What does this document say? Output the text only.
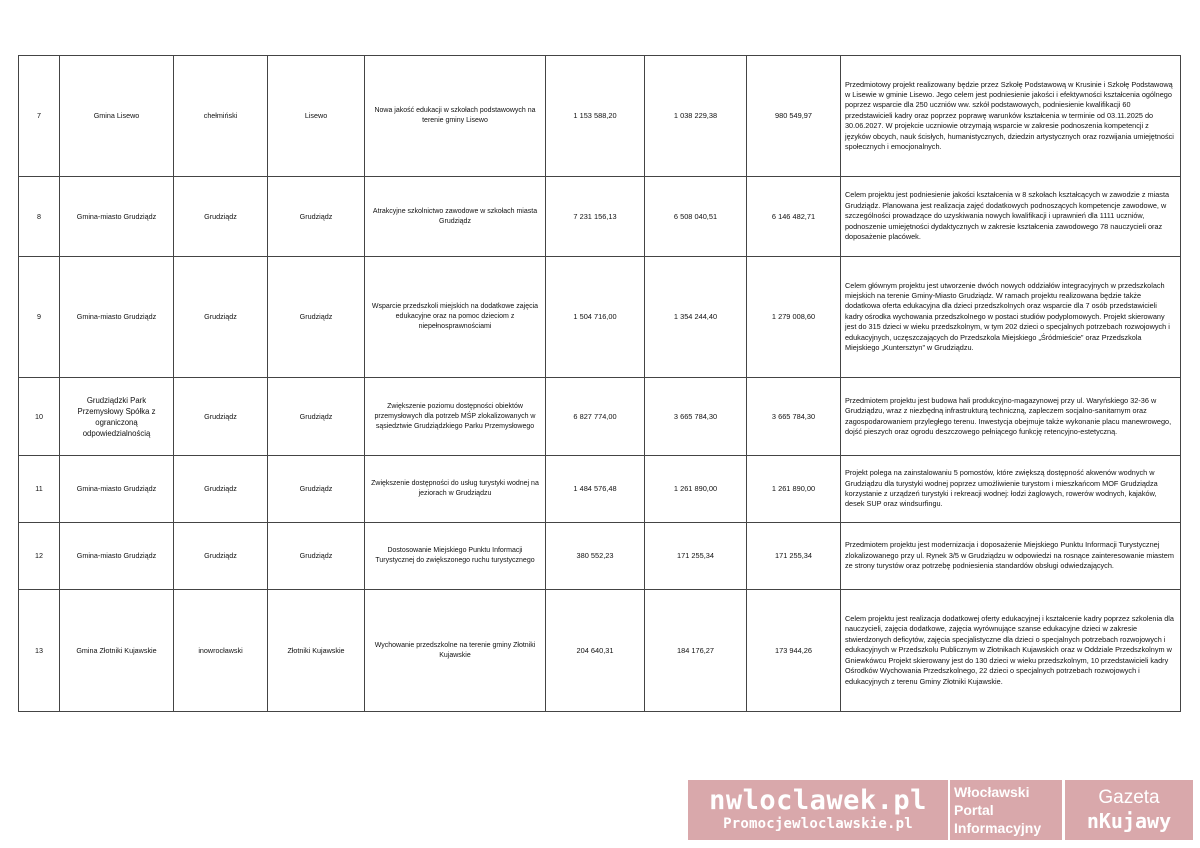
7	Gmina Lisewo	chełmiński	Lisewo	Nowa jakość edukacji w szkołach podstawowych na terenie gminy Lisewo	1 153 588,20	1 038 229,38	980 549,97	Przedmiotowy projekt realizowany będzie przez Szkołę Podstawową w Krusinie i Szkołę Podstawową w Lisewie w gminie Lisewo. Jego celem jest podniesienie jakości i efektywności kształcenia ogólnego poprzez wsparcie dla 250 uczniów ww. szkół podstawowych, podniesienie kwalifikacji 60 przedstawicieli kadry oraz poprzez poprawę warunków kształcenia w terminie od 03.11.2025 do 30.06.2027. W projekcie uczniowie otrzymają wsparcie w zakresie podnoszenia kompetencji z języków obcych, nauk ścisłych, humanistycznych, dziedzin artystycznych oraz rozwijania umiejętności społecznych i emocjonalnych.
8	Gmina-miasto Grudziądz	Grudziądz	Grudziądz	Atrakcyjne szkolnictwo zawodowe w szkołach miasta Grudziądz	7 231 156,13	6 508 040,51	6 146 482,71	Celem projektu jest podniesienie jakości kształcenia w 8 szkołach kształcących w zawodzie z miasta Grudziądz. Planowana jest realizacja zajęć dodatkowych podnoszących kompetencje zawodowe, w szczególności prowadzące do uzyskiwania nowych kwalifikacji i uprawnień dla 1111 uczniów, podnoszenie umiejętności dydaktycznych w zakresie kształcenia zawodowego 78 nauczycieli oraz doposażenie placówek.
9	Gmina-miasto Grudziądz	Grudziądz	Grudziądz	Wsparcie przedszkoli miejskich na dodatkowe zajęcia edukacyjne oraz na pomoc dzieciom z niepełnosprawnościami	1 504 716,00	1 354 244,40	1 279 008,60	Celem głównym projektu jest utworzenie dwóch nowych oddziałów integracyjnych w przedszkolach miejskich na terenie Gminy-Miasto Grudziądz. W ramach projektu realizowana będzie także dodatkowa oferta edukacyjna dla dzieci przedszkolnych oraz wsparcie dla 7 osób przedstawicieli kadry ośrodka wychowania przedszkolnego w postaci studiów podyplomowych. Projekt skierowany jest do 315 dzieci w wieku przedszkolnym, w tym 202 dzieci o specjalnych potrzebach rozwojowych i edukacyjnych, uczęszczających do Przedszkola Miejskiego „Śródmieście” oraz Przedszkola Miejskiego „Kuntersztyn” w Grudziądzu.
10	Grudziądzki Park Przemysłowy Spółka z ograniczoną odpowiedzialnością	Grudziądz	Grudziądz	Zwiększenie poziomu dostępności obiektów przemysłowych dla potrzeb MŚP zlokalizowanych w sąsiedztwie Grudziądzkiego Parku Przemysłowego	6 827 774,00	3 665 784,30	3 665 784,30	Przedmiotem projektu jest budowa hali produkcyjno-magazynowej przy ul. Waryńskiego 32-36 w Grudziądzu, wraz z niezbędną infrastrukturą techniczną, zapleczem socjalno-sanitarnym oraz zagospodarowaniem przyległego terenu. Inwestycja obejmuje także wykonanie placu manewrowego, dojść pieszych oraz ogrodu deszczowego pełniącego funkcję retencyjno-estetyczną.
11	Gmina-miasto Grudziądz	Grudziądz	Grudziądz	Zwiększenie dostępności do usług turystyki wodnej na jeziorach w Grudziądzu	1 484 576,48	1 261 890,00	1 261 890,00	Projekt polega na zainstalowaniu 5 pomostów, które zwiększą dostępność akwenów wodnych w Grudziądzu dla turystyki wodnej poprzez umożliwienie turystom i mieszkańcom MOF Grudziądza korzystanie z urządzeń turystyki i rekreacji wodnej: łodzi żaglowych, rowerów wodnych, kajaków, desek SUP oraz windsurfingu.
12	Gmina-miasto Grudziądz	Grudziądz	Grudziądz	Dostosowanie Miejskiego Punktu Informacji Turystycznej do zwiększonego ruchu turystycznego	380 552,23	171 255,34	171 255,34	Przedmiotem projektu jest modernizacja i doposażenie Miejskiego Punktu Informacji Turystycznej zlokalizowanego przy ul. Rynek 3/5 w Grudziądzu w odpowiedzi na rosnące zainteresowanie miastem ze strony turystów oraz potrzebę podniesienia standardów obsługi odwiedzających.
13	Gmina Złotniki Kujawskie	inowrocławski	Złotniki Kujawskie	Wychowanie przedszkolne na terenie gminy Złotniki Kujawskie	204 640,31	184 176,27	173 944,26	Celem projektu jest realizacja dodatkowej oferty edukacyjnej i kształcenie kadry poprzez szkolenia dla nauczycieli, zajęcia dodatkowe, zajęcia wyrównujące szanse edukacyjne dzieci w zakresie stwierdzonych deficytów, zajęcia specjalistyczne dla dzieci o specjalnych potrzebach rozwojowych i edukacyjnych w Przedszkolu Publicznym w Złotnikach Kujawskich oraz w Oddziale Przedszkolnym w Gniewkówcu Projekt skierowany jest do 130 dzieci w wieku przedszkolnym, 10 przedstawicieli kadry Ośrodków Wychowania Przedszkolnego, 22 dzieci o specjalnych potrzebach rozwojowych i edukacyjnych z terenu Gminy Złotniki Kujawskie.
nwloclawek.pl
Promocjewloclawskie.pl
Włocławski
Portal
Informacyjny
Gazeta
nKujawy
